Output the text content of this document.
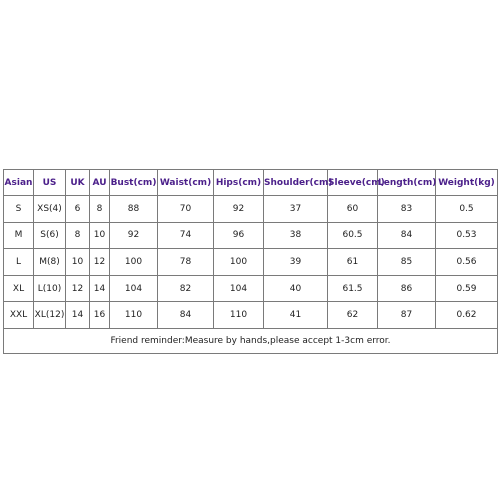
Asian	US	UK	AU	Bust(cm)	Waist(cm)	Hips(cm)	Shoulder(cm)	Sleeve(cm)	Length(cm)	Weight(kg)
S	XS(4)	6	8	88	70	92	37	60	83	0.5
M	S(6)	8	10	92	74	96	38	60.5	84	0.53
L	M(8)	10	12	100	78	100	39	61	85	0.56
XL	L(10)	12	14	104	82	104	40	61.5	86	0.59
XXL	XL(12)	14	16	110	84	110	41	62	87	0.62
Friend reminder:Measure by hands,please accept 1-3cm error.										
